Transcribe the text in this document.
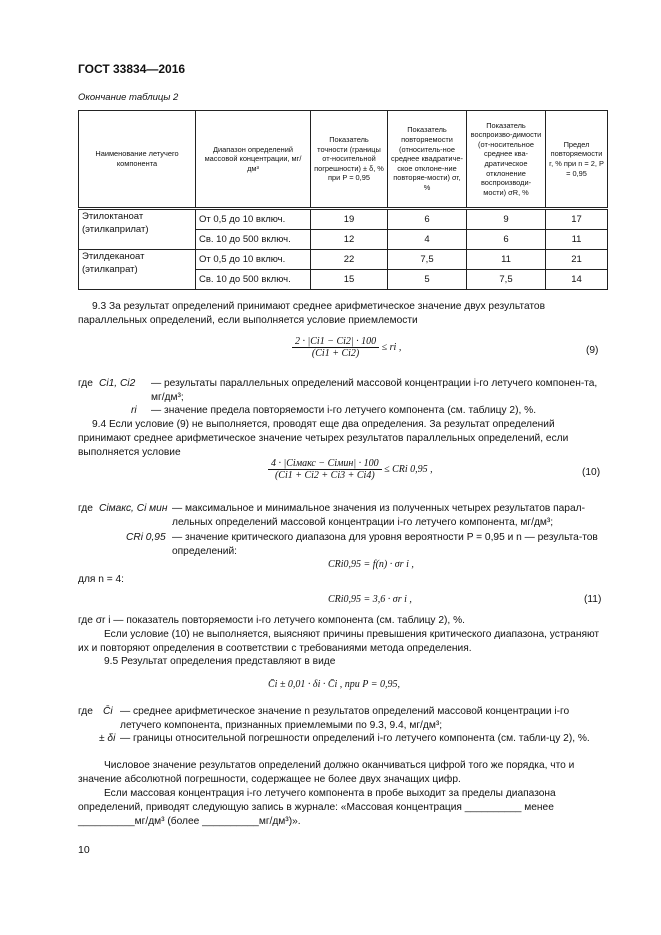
ГОСТ 33834—2016
Окончание таблицы 2
Наименование летучего компонента	Диапазон определений массовой концентрации, мг/дм³	Показатель точности (границы от-носительной погрешности) ± δ, % при P = 0,95	Показатель повторяемости (относитель-ное среднее квадратиче-ское отклоне-ние повторяе-мости) σr, %	Показатель воспроизво-димости (от-носительное среднее ква-дратическое отклонение воспроизводи-мости) σR, %	Предел повторяемости r, % при n = 2, P = 0,95
Этилоктаноат (этилкаприлат)	От 0,5 до 10 включ.	19	6	9	17
	Св. 10 до 500 включ.	12	4	6	11
Этилдеканоат (этилкапрат)	От 0,5 до 10 включ.	22	7,5	11	21
	Св. 10 до 500 включ.	15	5	7,5	14
9.3 За результат определений принимают среднее арифметическое значение двух результатов параллельных определений, если выполняется условие приемлемости
$\frac{2 \cdot |Ci1 - Ci2| \cdot 100}{(Ci1 + Ci2)}$ ≤ ri ,	(9)
где Ci1, Ci2 — результаты параллельных определений массовой концентрации i-го летучего компонен-та, мг/дм³;
ri — значение предела повторяемости i-го летучего компонента (см. таблицу 2), %.
9.4 Если условие (9) не выполняется, проводят еще два определения. За результат определений принимают среднее арифметическое значение четырех результатов параллельных определений, если выполняется условие
$\frac{\text{4 · |Ciмакс − Ciмин| · 100}}{(Ci1 + Ci2 + Ci3 + Ci4)}$ ≤ CRi 0,95 ,	(10)
где Ciмакс, Ci мин — максимальное и минимальное значения из полученных четырех результатов парал-лельных определений массовой концентрации i-го летучего компонента, мг/дм³;
CRi 0,95 — значение критического диапазона для уровня вероятности P = 0,95 и n — результа-тов определений:
CRi0,95 = f(n) · σr i ,
для n = 4:
CRi0,95 = 3,6 · σr i ,	(11)
где σr i — показатель повторяемости i-го летучего компонента (см. таблицу 2), %.
Если условие (10) не выполняется, выясняют причины превышения критического диапазона, устраняют их и повторяют определения в соответствии с требованиями метода определения.
9.5 Результат определения представляют в виде
C̄i ± 0,01 · δi · C̄i , при P = 0,95,
где C̄i — среднее арифметическое значение n результатов определений массовой концентрации i-го летучего компонента, признанных приемлемыми по 9.3, 9.4, мг/дм³;
± δi — границы относительной погрешности определений i-го летучего компонента (см. табли-цу 2), %.
Числовое значение результатов определений должно оканчиваться цифрой того же порядка, что и значение абсолютной погрешности, содержащее не более двух значащих цифр.
Если массовая концентрация i-го летучего компонента в пробе выходит за пределы диапазона определений, приводят следующую запись в журнале: «Массовая концентрация __________ менее __________мг/дм³ (более __________мг/дм³)».
10
